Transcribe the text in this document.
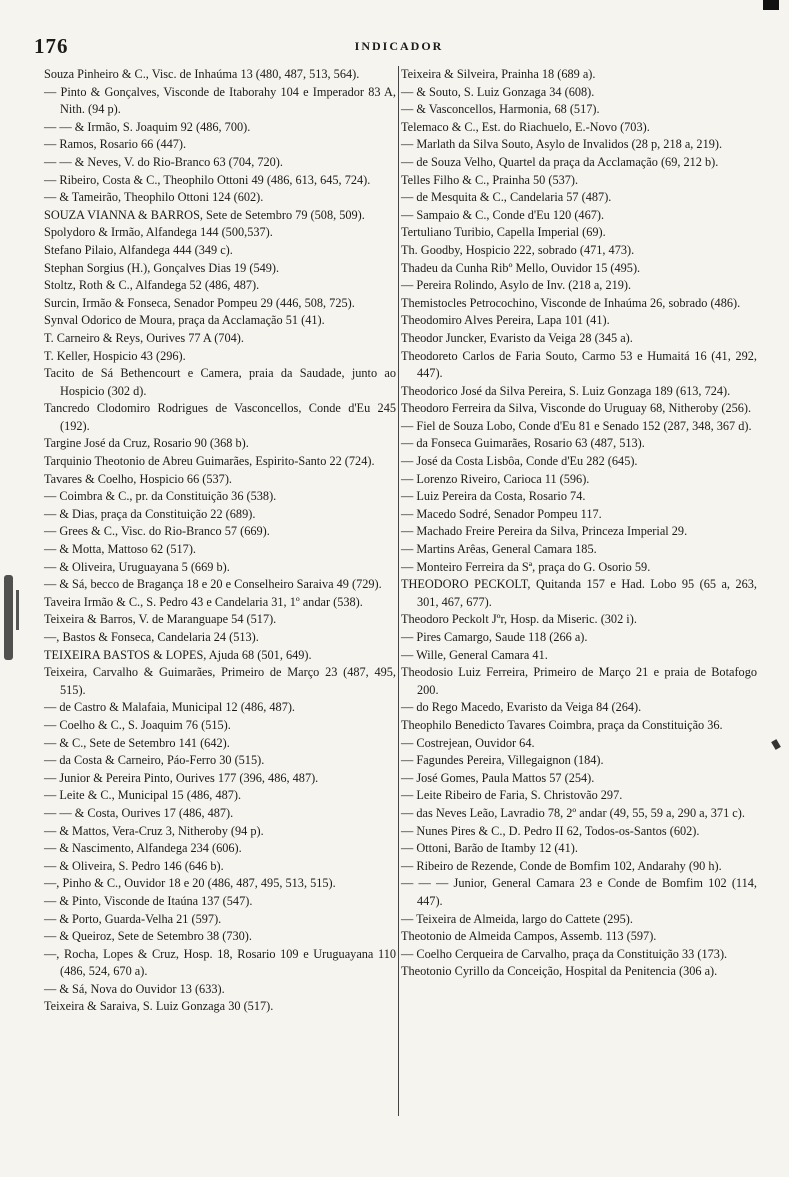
176	INDICADOR
Souza Pinheiro & C., Visc. de Inhaúma 13 (480, 487, 513, 564).
— Pinto & Gonçalves, Visconde de Itaborahy 104 e Imperador 83 A, Nith. (94 p).
— — & Irmão, S. Joaquim 92 (486, 700).
— Ramos, Rosario 66 (447).
— — & Neves, V. do Rio-Branco 63 (704, 720).
— Ribeiro, Costa & C., Theophilo Ottoni 49 (486, 613, 645, 724).
— & Tameirão, Theophilo Ottoni 124 (602).
SOUZA VIANNA & BARROS, Sete de Setembro 79 (508, 509).
Spolydoro & Irmão, Alfandega 144 (500,537).
Stefano Pilaio, Alfandega 444 (349 c).
Stephan Sorgius (H.), Gonçalves Dias 19 (549).
Stoltz, Roth & C., Alfandega 52 (486, 487).
Surcin, Irmão & Fonseca, Senador Pompeu 29 (446, 508, 725).
Synval Odorico de Moura, praça da Acclamação 51 (41).
T. Carneiro & Reys, Ourives 77 A (704).
T. Keller, Hospicio 43 (296).
Tacito de Sá Bethencourt e Camera, praia da Saudade, junto ao Hospicio (302 d).
Tancredo Clodomiro Rodrigues de Vasconcellos, Conde d'Eu 245 (192).
Targine José da Cruz, Rosario 90 (368 b).
Tarquinio Theotonio de Abreu Guimarães, Espirito-Santo 22 (724).
Tavares & Coelho, Hospicio 66 (537).
— Coimbra & C., pr. da Constituição 36 (538).
— & Dias, praça da Constituição 22 (689).
— Grees & C., Visc. do Rio-Branco 57 (669).
— & Motta, Mattoso 62 (517).
— & Oliveira, Uruguayana 5 (669 b).
— & Sá, becco de Bragança 18 e 20 e Conselheiro Saraiva 49 (729).
Taveira Irmão & C., S. Pedro 43 e Candelaria 31, 1º andar (538).
Teixeira & Barros, V. de Maranguape 54 (517).
—, Bastos & Fonseca, Candelaria 24 (513).
TEIXEIRA BASTOS & LOPES, Ajuda 68 (501, 649).
Teixeira, Carvalho & Guimarães, Primeiro de Março 23 (487, 495, 515).
— de Castro & Malafaia, Municipal 12 (486, 487).
— Coelho & C., S. Joaquim 76 (515).
— & C., Sete de Setembro 141 (642).
— da Costa & Carneiro, Páo-Ferro 30 (515).
— Junior & Pereira Pinto, Ourives 177 (396, 486, 487).
— Leite & C., Municipal 15 (486, 487).
— — & Costa, Ourives 17 (486, 487).
— & Mattos, Vera-Cruz 3, Nitheroby (94 p).
— & Nascimento, Alfandega 234 (606).
— & Oliveira, S. Pedro 146 (646 b).
—, Pinho & C., Ouvidor 18 e 20 (486, 487, 495, 513, 515).
— & Pinto, Visconde de Itaúna 137 (547).
— & Porto, Guarda-Velha 21 (597).
— & Queiroz, Sete de Setembro 38 (730).
—, Rocha, Lopes & Cruz, Hosp. 18, Rosario 109 e Uruguayana 110 (486, 524, 670 a).
— & Sá, Nova do Ouvidor 13 (633).
Teixeira & Saraiva, S. Luiz Gonzaga 30 (517).
Teixeira & Silveira, Prainha 18 (689 a).
— & Souto, S. Luiz Gonzaga 34 (608).
— & Vasconcellos, Harmonia, 68 (517).
Telemaco & C., Est. do Riachuelo, E.-Novo (703).
— Marlath da Silva Souto, Asylo de Invalidos (28 p, 218 a, 219).
— de Souza Velho, Quartel da praça da Acclamação (69, 212 b).
Telles Filho & C., Prainha 50 (537).
— de Mesquita & C., Candelaria 57 (487).
— Sampaio & C., Conde d'Eu 120 (467).
Tertuliano Turibio, Capella Imperial (69).
Th. Goodby, Hospicio 222, sobrado (471, 473).
Thadeu da Cunha Ribº Mello, Ouvidor 15 (495).
— Pereira Rolindo, Asylo de Inv. (218 a, 219).
Themistocles Petrocochino, Visconde de Inhaúma 26, sobrado (486).
Theodomiro Alves Pereira, Lapa 101 (41).
Theodor Juncker, Evaristo da Veiga 28 (345 a).
Theodoreto Carlos de Faria Souto, Carmo 53 e Humaitá 16 (41, 292, 447).
Theodorico José da Silva Pereira, S. Luiz Gonzaga 189 (613, 724).
Theodoro Ferreira da Silva, Visconde do Uruguay 68, Nitheroby (256).
— Fiel de Souza Lobo, Conde d'Eu 81 e Senado 152 (287, 348, 367 d).
— da Fonseca Guimarães, Rosario 63 (487, 513).
— José da Costa Lisbôa, Conde d'Eu 282 (645).
— Lorenzo Riveiro, Carioca 11 (596).
— Luiz Pereira da Costa, Rosario 74.
— Macedo Sodré, Senador Pompeu 117.
— Machado Freire Pereira da Silva, Princeza Imperial 29.
— Martins Arêas, General Camara 185.
— Monteiro Ferreira da Sª, praça do G. Osorio 59.
THEODORO PECKOLT, Quitanda 157 e Had. Lobo 95 (65 a, 263, 301, 467, 677).
Theodoro Peckolt Jºr, Hosp. da Miseric. (302 i).
— Pires Camargo, Saude 118 (266 a).
— Wille, General Camara 41.
Theodosio Luiz Ferreira, Primeiro de Março 21 e praia de Botafogo 200.
— do Rego Macedo, Evaristo da Veiga 84 (264).
Theophilo Benedicto Tavares Coimbra, praça da Constituição 36.
— Costrejean, Ouvidor 64.
— Fagundes Pereira, Villegaignon (184).
— José Gomes, Paula Mattos 57 (254).
— Leite Ribeiro de Faria, S. Christovão 297.
— das Neves Leão, Lavradio 78, 2º andar (49, 55, 59 a, 290 a, 371 c).
— Nunes Pires & C., D. Pedro II 62, Todos-os-Santos (602).
— Ottoni, Barão de Itamby 12 (41).
— Ribeiro de Rezende, Conde de Bomfim 102, Andarahy (90 h).
— — — Junior, General Camara 23 e Conde de Bomfim 102 (114, 447).
— Teixeira de Almeida, largo do Cattete (295).
Theotonio de Almeida Campos, Assemb. 113 (597).
— Coelho Cerqueira de Carvalho, praça da Constituição 33 (173).
Theotonio Cyrillo da Conceição, Hospital da Penitencia (306 a).
